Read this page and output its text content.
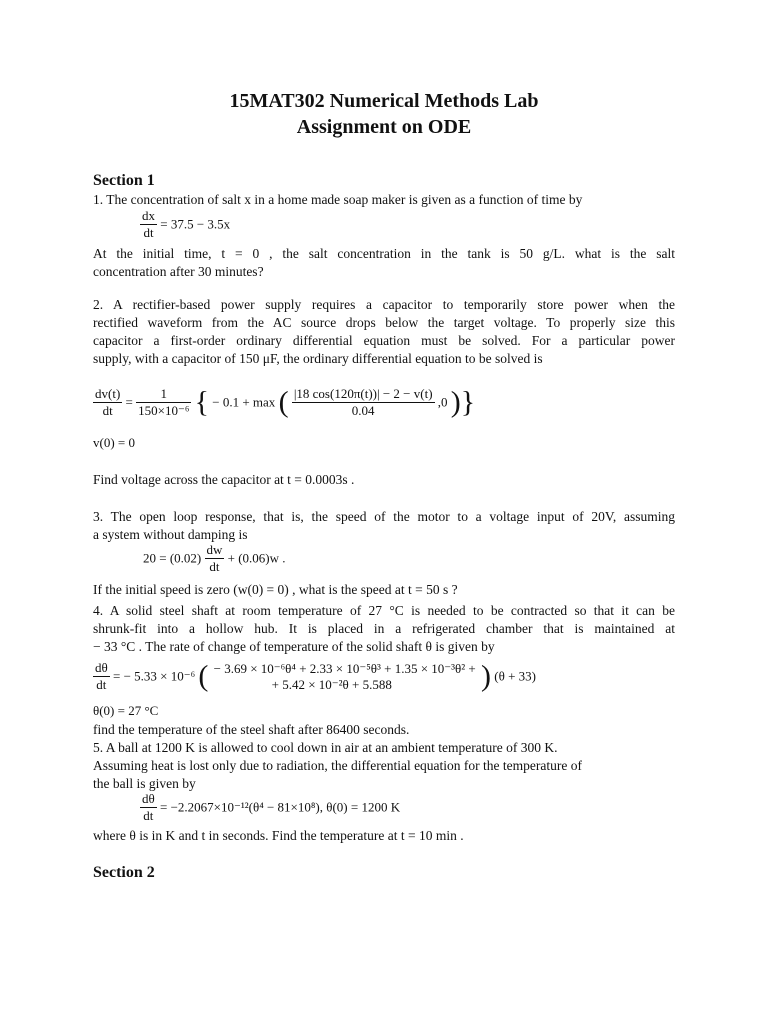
15MAT302 Numerical Methods Lab
Assignment on ODE
Section 1
1. The concentration of salt x in a home made soap maker is given as a function of time by
$\frac{dx}{dt} = 37.5 - 3.5x$
At the initial time, t = 0 , the salt concentration in the tank is 50 g/L. what is the salt
concentration after 30 minutes?
2. A rectifier-based power supply requires a capacitor to temporarily store power when the
rectified waveform from the AC source drops below the target voltage. To properly size this
capacitor a first-order ordinary differential equation must be solved. For a particular power
supply, with a capacitor of 150 μF, the ordinary differential equation to be solved is
$\frac{dv(t)}{dt} = \frac{1}{\text{150×10⁻⁶}}$ { − 0.1 + max ( $\frac{|18 \cos(120\pi(t))| - 2 - v(t)}{0.04} ,0$ )}
v(0) = 0
Find voltage across the capacitor at t = 0.0003s .
3. The open loop response, that is, the speed of the motor to a voltage input of 20V, assuming
a system without damping is
$20 = (0.02) \frac{dw}{dt} + (0.06)w$ .
If the initial speed is zero (w(0) = 0) , what is the speed at t = 50 s ?
4. A solid steel shaft at room temperature of 27 °C is needed to be contracted so that it can be
shrunk-fit into a hollow hub. It is placed in a refrigerated chamber that is maintained at
− 33 °C . The rate of change of temperature of the solid shaft θ is given by
$\frac{d\theta}{dt}$ = − 5.33 × 10⁻⁶ ( − 3.69 × 10⁻⁶θ⁴ + 2.33 × 10⁻⁵θ³ + 1.35 × 10⁻³θ² +
+ 5.42 × 10⁻²θ + 5.588	) (θ + 33)
θ(0) = 27 °C
find the temperature of the steel shaft after 86400 seconds.
5. A ball at 1200 K is allowed to cool down in air at an ambient temperature of 300 K.
Assuming heat is lost only due to radiation, the differential equation for the temperature of
the ball is given by
$\frac{d\theta}{dt} = -2.2067\times 10^{-12}(\theta^4 - 81\times 10^8)$, θ(0) = 1200 K
where θ is in K and t in seconds. Find the temperature at t = 10 min .
Section 2
